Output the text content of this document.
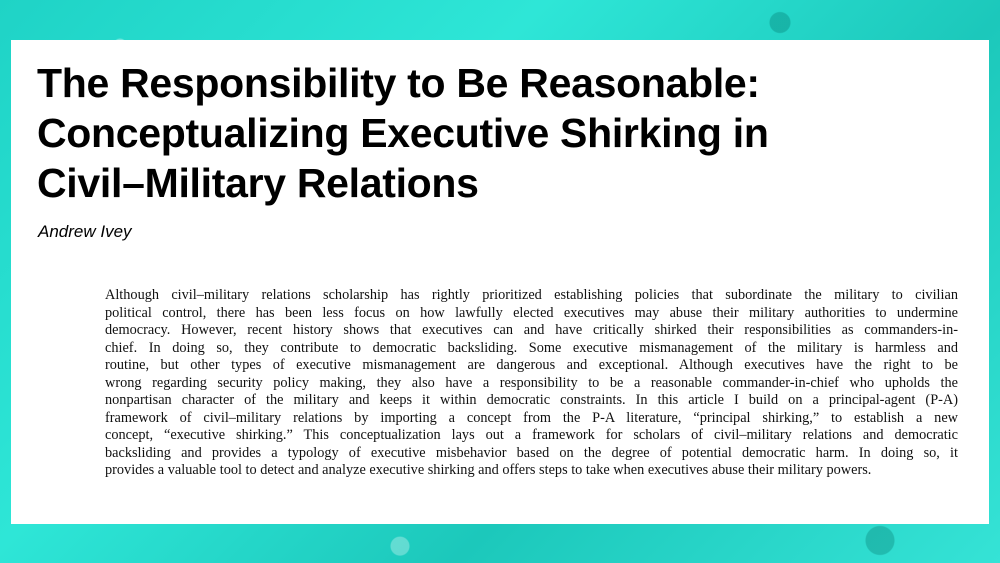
The Responsibility to Be Reasonable:
Conceptualizing Executive Shirking in
Civil–Military Relations

Andrew Ivey

Although civil–military relations scholarship has rightly prioritized establishing policies that subordinate the military to civilian
political control, there has been less focus on how lawfully elected executives may abuse their military authorities to undermine
democracy. However, recent history shows that executives can and have critically shirked their responsibilities as commanders-in-
chief. In doing so, they contribute to democratic backsliding. Some executive mismanagement of the military is harmless and
routine, but other types of executive mismanagement are dangerous and exceptional. Although executives have the right to be
wrong regarding security policy making, they also have a responsibility to be a reasonable commander-in-chief who upholds the
nonpartisan character of the military and keeps it within democratic constraints. In this article I build on a principal-agent (P-A)
framework of civil–military relations by importing a concept from the P-A literature, “principal shirking,” to establish a new
concept, “executive shirking.” This conceptualization lays out a framework for scholars of civil–military relations and democratic
backsliding and provides a typology of executive misbehavior based on the degree of potential democratic harm. In doing so, it
provides a valuable tool to detect and analyze executive shirking and offers steps to take when executives abuse their military powers.
